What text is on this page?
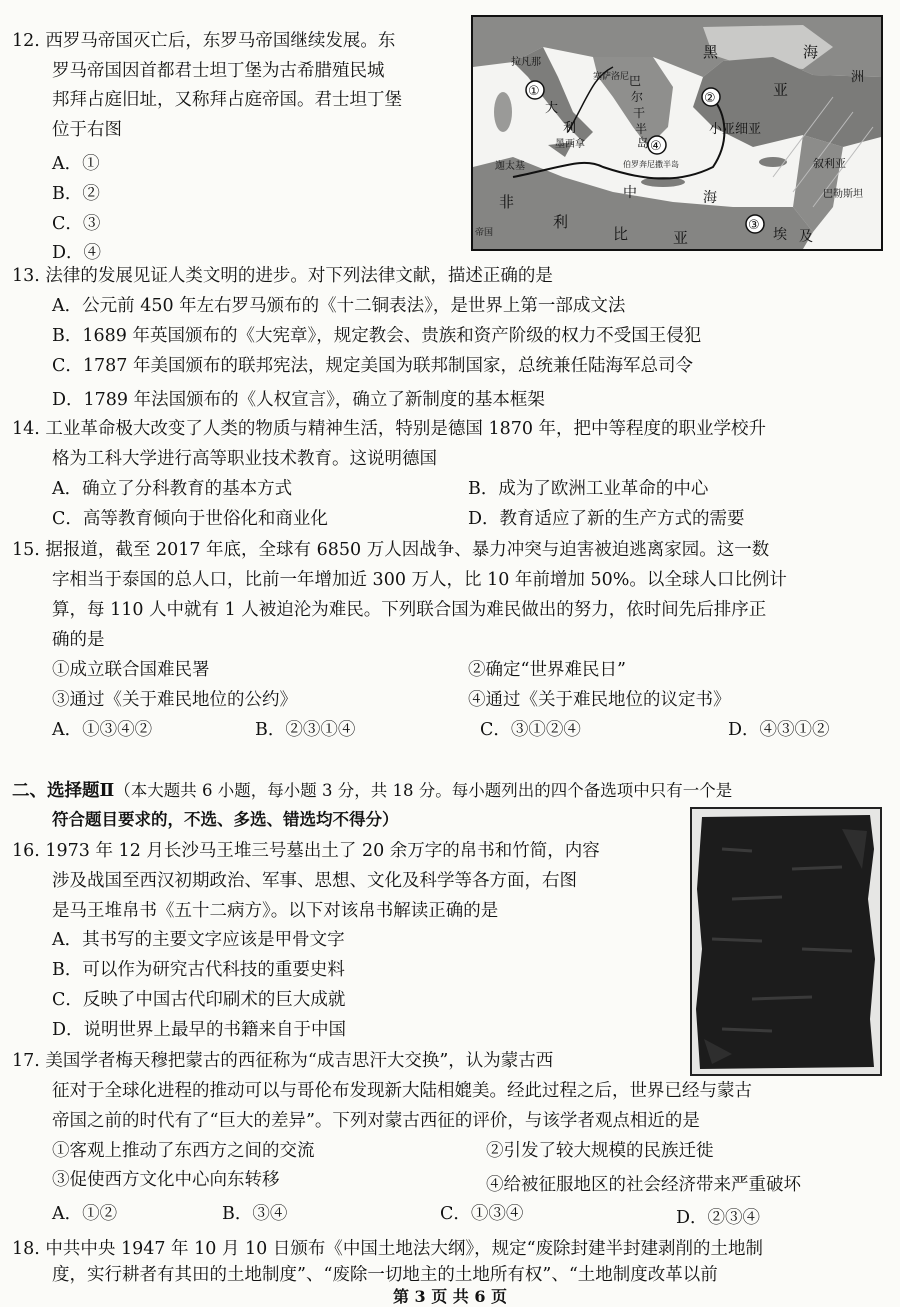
12. 西罗马帝国灭亡后，东罗马帝国继续发展。东
罗马帝国因首都君士坦丁堡为古希腊殖民城
邦拜占庭旧址，又称拜占庭帝国。君士坦丁堡
位于右图
A．①
B．②
C．③
D．④
①	②
③
④
拉凡那
大
利
巴
尔
干
半
岛
亚
洲
小亚细亚
墨西拿
迦太基	叙利亚
巴勒斯坦
非
利
比	亚	埃 及
黑	海
中	海
帝国
伯罗奔尼撒半岛
塞萨洛尼
13. 法律的发展见证人类文明的进步。对下列法律文献，描述正确的是
A．公元前 450 年左右罗马颁布的《十二铜表法》，是世界上第一部成文法
B．1689 年英国颁布的《大宪章》，规定教会、贵族和资产阶级的权力不受国王侵犯
C．1787 年美国颁布的联邦宪法，规定美国为联邦制国家，总统兼任陆海军总司令
D．1789 年法国颁布的《人权宣言》，确立了新制度的基本框架
14. 工业革命极大改变了人类的物质与精神生活，特别是德国 1870 年，把中等程度的职业学校升
格为工科大学进行高等职业技术教育。这说明德国
A．确立了分科教育的基本方式	B．成为了欧洲工业革命的中心
C．高等教育倾向于世俗化和商业化	D．教育适应了新的生产方式的需要
15. 据报道，截至 2017 年底，全球有 6850 万人因战争、暴力冲突与迫害被迫逃离家园。这一数
字相当于泰国的总人口，比前一年增加近 300 万人，比 10 年前增加 50%。以全球人口比例计
算，每 110 人中就有 1 人被迫沦为难民。下列联合国为难民做出的努力，依时间先后排序正
确的是
①成立联合国难民署	②确定“世界难民日”
③通过《关于难民地位的公约》	④通过《关于难民地位的议定书》
A．①③④②	B．②③①④	C．③①②④	D．④③①②
二、选择题Ⅱ（本大题共 6 小题，每小题 3 分，共 18 分。每小题列出的四个备选项中只有一个是
符合题目要求的，不选、多选、错选均不得分）
16. 1973 年 12 月长沙马王堆三号墓出土了 20 余万字的帛书和竹简，内容
涉及战国至西汉初期政治、军事、思想、文化及科学等各方面，右图
是马王堆帛书《五十二病方》。以下对该帛书解读正确的是
A．其书写的主要文字应该是甲骨文字
B．可以作为研究古代科技的重要史料
C．反映了中国古代印刷术的巨大成就
D．说明世界上最早的书籍来自于中国
17. 美国学者梅天穆把蒙古的西征称为“成吉思汗大交换”，认为蒙古西
征对于全球化进程的推动可以与哥伦布发现新大陆相媲美。经此过程之后，世界已经与蒙古
帝国之前的时代有了“巨大的差异”。下列对蒙古西征的评价，与该学者观点相近的是
①客观上推动了东西方之间的交流	②引发了较大规模的民族迁徙
③促使西方文化中心向东转移	④给被征服地区的社会经济带来严重破坏
A．①②	B．③④	C．①③④	D．②③④
18. 中共中央 1947 年 10 月 10 日颁布《中国土地法大纲》，规定“废除封建半封建剥削的土地制
度，实行耕者有其田的土地制度”、“废除一切地主的土地所有权”、“土地制度改革以前
第 3 页 共 6 页
